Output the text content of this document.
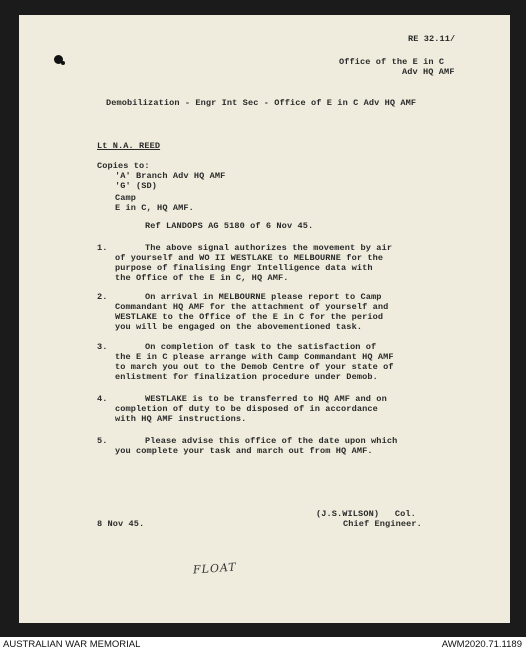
RE 32.11/
Office of the E in C
Adv HQ AMF
Demobilization - Engr Int Sec - Office of E in C Adv HQ AMF
Lt N.A. REED
Copies to:
'A' Branch Adv HQ AMF
'G' (SD)
Camp
E in C, HQ AMF.
Ref LANDOPS AG 5180 of 6 Nov 45.
1.	The above signal authorizes the movement by air
of yourself and WO II WESTLAKE to MELBOURNE for the
purpose of finalising Engr Intelligence data with
the Office of the E in C, HQ AMF.
2.	On arrival in MELBOURNE please report to Camp
Commandant HQ AMF for the attachment of yourself and
WESTLAKE to the Office of the E in C for the period
you will be engaged on the abovementioned task.
3.	On completion of task to the satisfaction of
the E in C please arrange with Camp Commandant HQ AMF
to march you out to the Demob Centre of your state of
enlistment for finalization procedure under Demob.
4.	WESTLAKE is to be transferred to HQ AMF and on
completion of duty to be disposed of in accordance
with HQ AMF instructions.
5.	Please advise this office of the date upon which
you complete your task and march out from HQ AMF.
(J.S.WILSON)   Col.
Chief Engineer.
8 Nov 45.
FLOAT
AUSTRALIAN WAR MEMORIAL	AWM2020.71.1189
